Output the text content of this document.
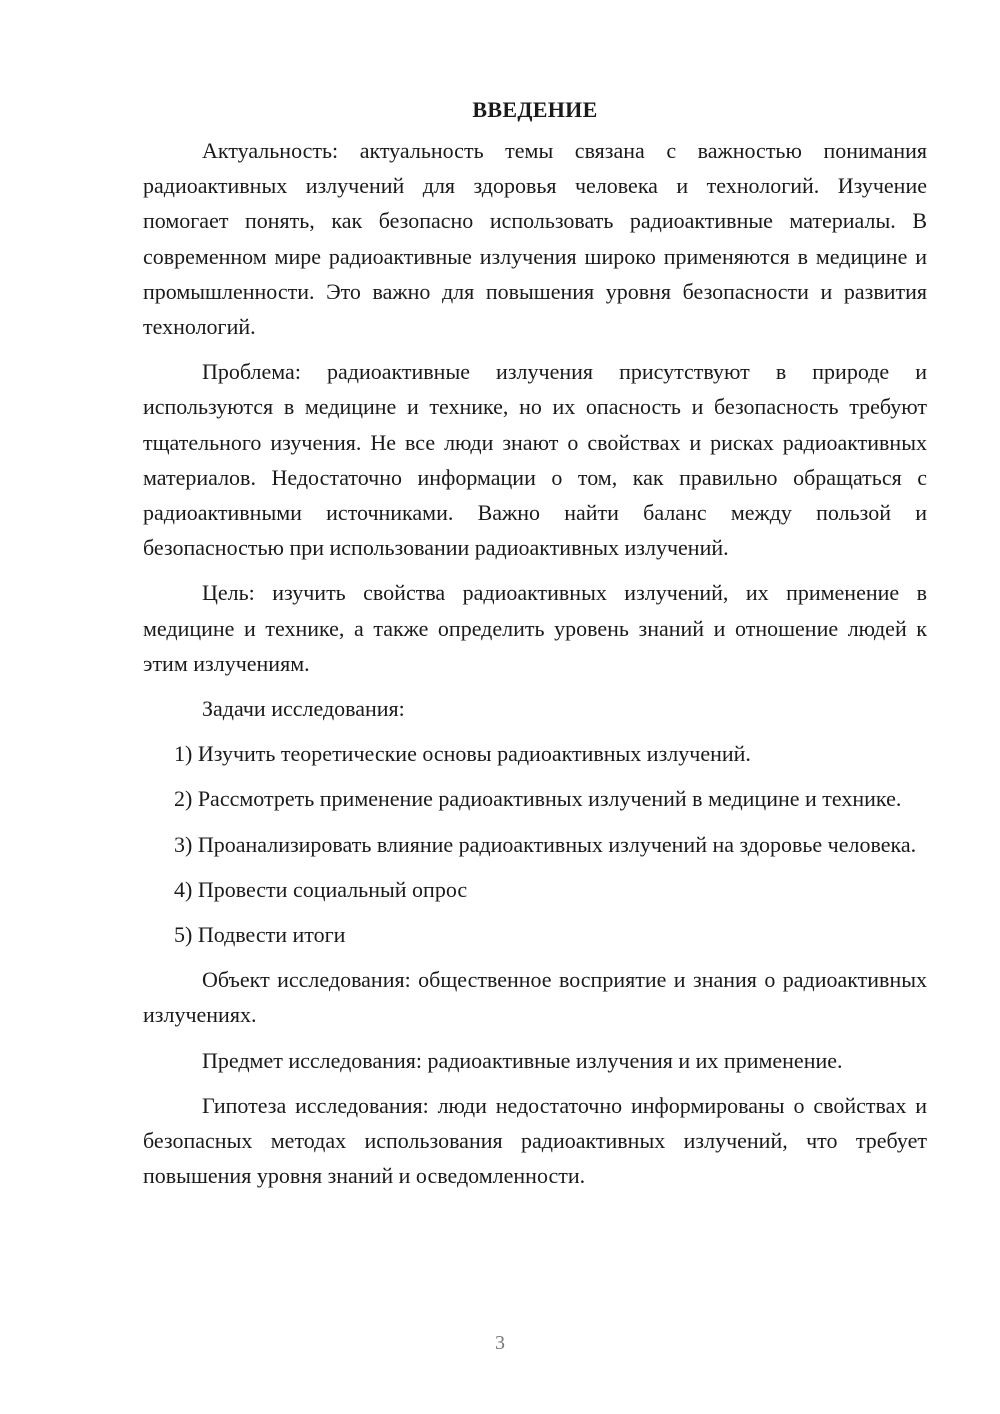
ВВЕДЕНИЕ

Актуальность: актуальность темы связана с важностью понимания радиоактивных излучений для здоровья человека и технологий. Изучение помогает понять, как безопасно использовать радиоактивные материалы. В современном мире радиоактивные излучения широко применяются в медицине и промышленности. Это важно для повышения уровня безопасности и развития технологий.

Проблема: радиоактивные излучения присутствуют в природе и используются в медицине и технике, но их опасность и безопасность требуют тщательного изучения. Не все люди знают о свойствах и рисках радиоактивных материалов. Недостаточно информации о том, как правильно обращаться с радиоактивными источниками. Важно найти баланс между пользой и безопасностью при использовании радиоактивных излучений.

Цель: изучить свойства радиоактивных излучений, их применение в медицине и технике, а также определить уровень знаний и отношение людей к этим излучениям.

Задачи исследования:

1) Изучить теоретические основы радиоактивных излучений.

2) Рассмотреть применение радиоактивных излучений в медицине и технике.

3) Проанализировать влияние радиоактивных излучений на здоровье человека.

4) Провести социальный опрос

5) Подвести итоги

Объект исследования: общественное восприятие и знания о радиоактивных излучениях.

Предмет исследования: радиоактивные излучения и их применение.

Гипотеза исследования: люди недостаточно информированы о свойствах и безопасных методах использования радиоактивных излучений, что требует повышения уровня знаний и осведомленности.

3
